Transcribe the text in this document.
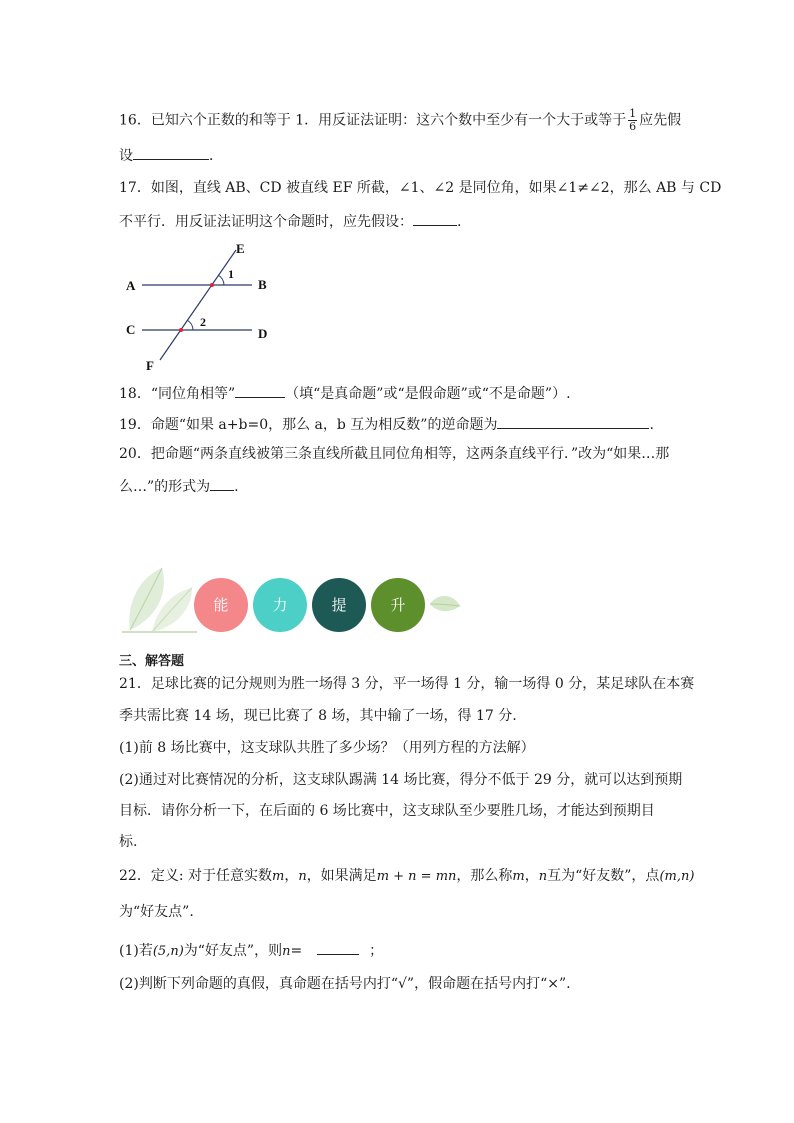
16．已知六个正数的和等于 1．用反证法证明：这六个数中至少有一个大于或等于 $\frac{1}{6}$ 应先假
设	．
17．如图，直线 AB、CD 被直线 EF 所截，∠1、∠2 是同位角，如果∠1≠∠2，那么 AB 与 CD
不平行．用反证法证明这个命题时，应先假设：	.
E
A	B
C	D
F
1
2
18．“同位角相等”	（填“是真命题”或“是假命题”或“不是命题”）.
19．命题“如果 a+b=0，那么 a，b 互为相反数”的逆命题为	.
20．把命题“两条直线被第三条直线所截且同位角相等，这两条直线平行．”改为“如果…那
么…”的形式为 .
能	力	提	升
三、解答题
21．足球比赛的记分规则为胜一场得 3 分，平一场得 1 分，输一场得 0 分，某足球队在本赛
季共需比赛 14 场，现已比赛了 8 场，其中输了一场，得 17 分.
(1)前 8 场比赛中，这支球队共胜了多少场？（用列方程的方法解）
(2)通过对比赛情况的分析，这支球队踢满 14 场比赛，得分不低于 29 分，就可以达到预期
目标．请你分析一下，在后面的 6 场比赛中，这支球队至少要胜几场，才能达到预期目
标.
22．定义: 对于任意实数m，n，如果满足m + n = mn，那么称m，n互为“好友数”，点(m,n)
为“好友点”.
(1)若(5,n)为“好友点”，则n=	；
(2)判断下列命题的真假，真命题在括号内打“√”，假命题在括号内打“×”.
